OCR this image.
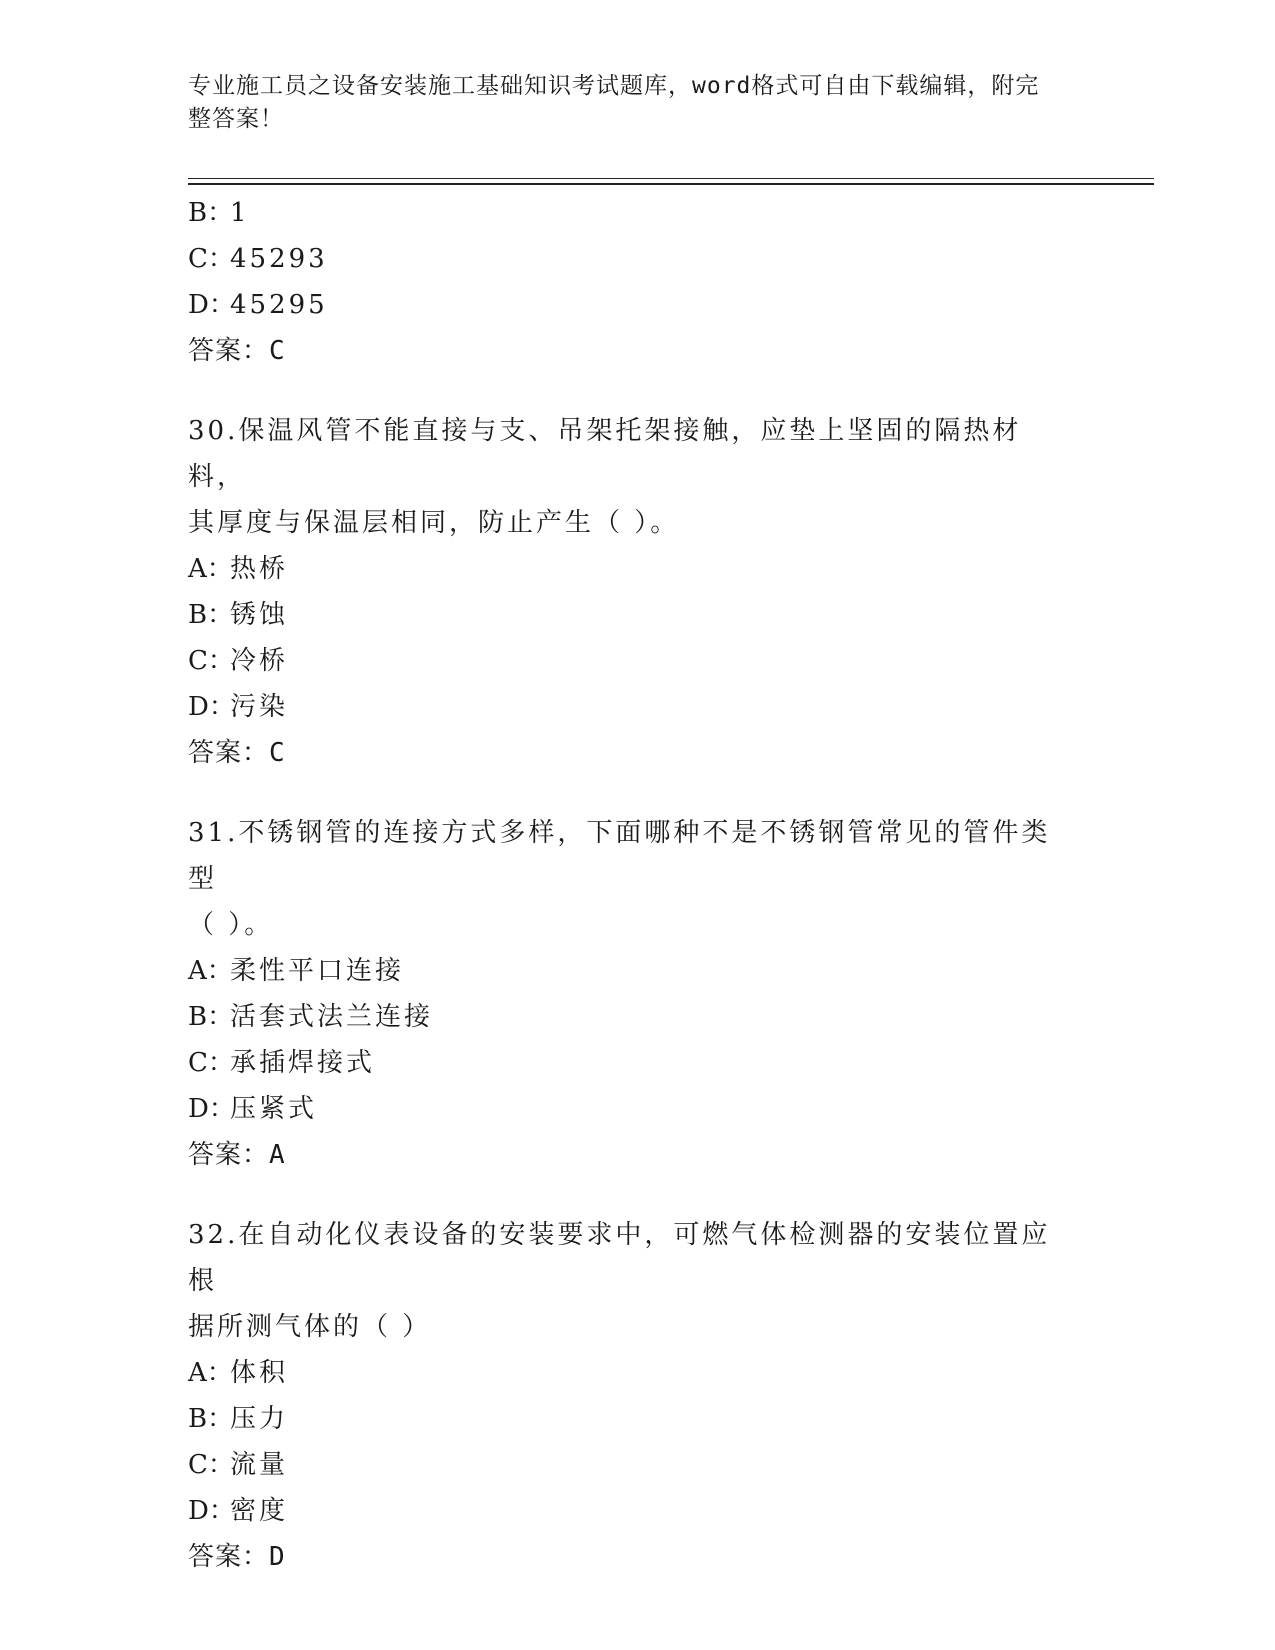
专业施工员之设备安装施工基础知识考试题库，word格式可自由下载编辑，附完
整答案！
B：1
C：45293
D：45295
答案：C
30.保温风管不能直接与支、吊架托架接触，应垫上坚固的隔热材料，
其厚度与保温层相同，防止产生（ ）。
A：热桥
B：锈蚀
C：冷桥
D：污染
答案：C
31.不锈钢管的连接方式多样，下面哪种不是不锈钢管常见的管件类型
（ ）。
A：柔性平口连接
B：活套式法兰连接
C：承插焊接式
D：压紧式
答案：A
32.在自动化仪表设备的安装要求中，可燃气体检测器的安装位置应根
据所测气体的（ ）
A：体积
B：压力
C：流量
D：密度
答案：D
